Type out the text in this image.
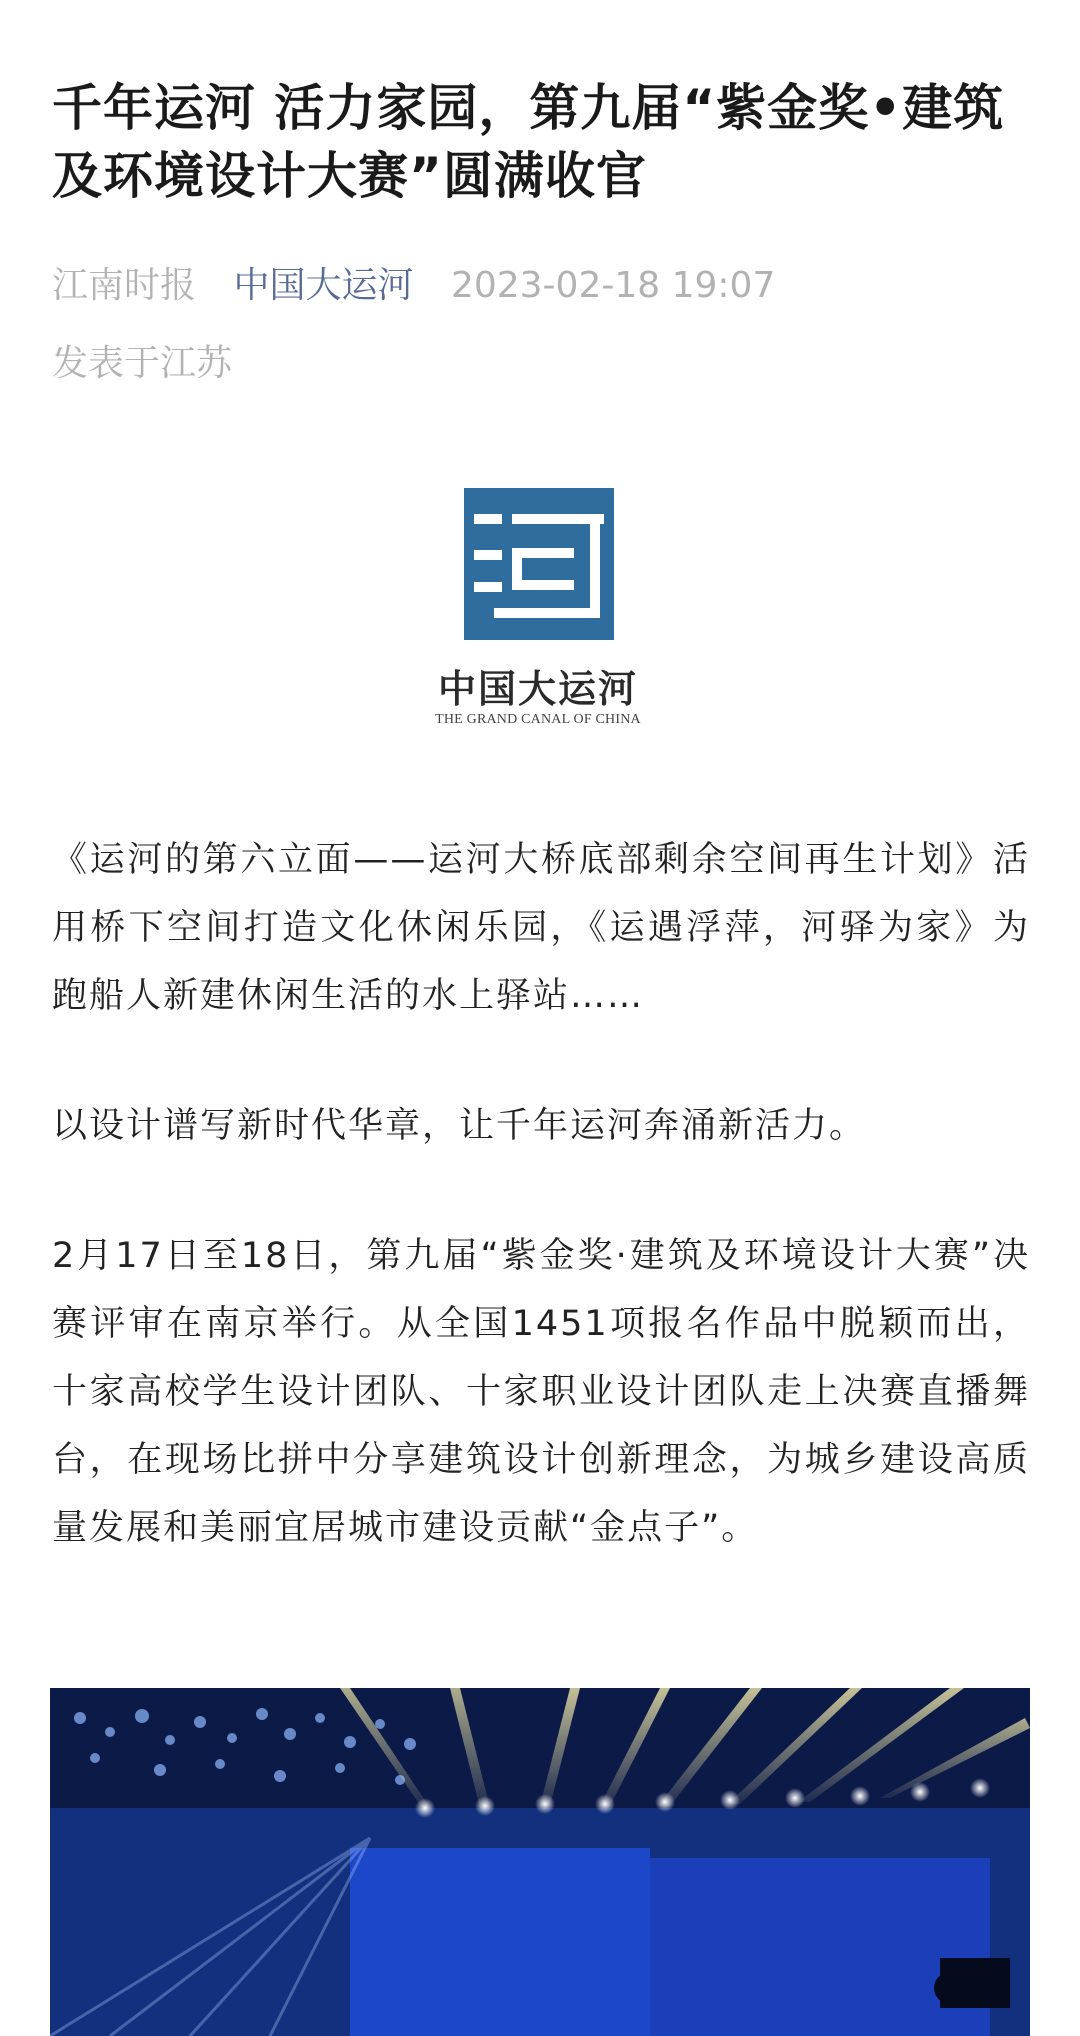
千年运河 活力家园，第九届“紫金奖•建筑及环境设计大赛”圆满收官
江南时报 中国大运河 2023-02-18 19:07
发表于江苏
中国大运河
THE GRAND CANAL OF CHINA
《运河的第六立面——运河大桥底部剩余空间再生计划》活用桥下空间打造文化休闲乐园，《运遇浮萍，河驿为家》为跑船人新建休闲生活的水上驿站……
以设计谱写新时代华章，让千年运河奔涌新活力。
2月17日至18日，第九届“紫金奖·建筑及环境设计大赛”决赛评审在南京举行。从全国1451项报名作品中脱颖而出，十家高校学生设计团队、十家职业设计团队走上决赛直播舞台，在现场比拼中分享建筑设计创新理念，为城乡建设高质量发展和美丽宜居城市建设贡献“金点子”。
